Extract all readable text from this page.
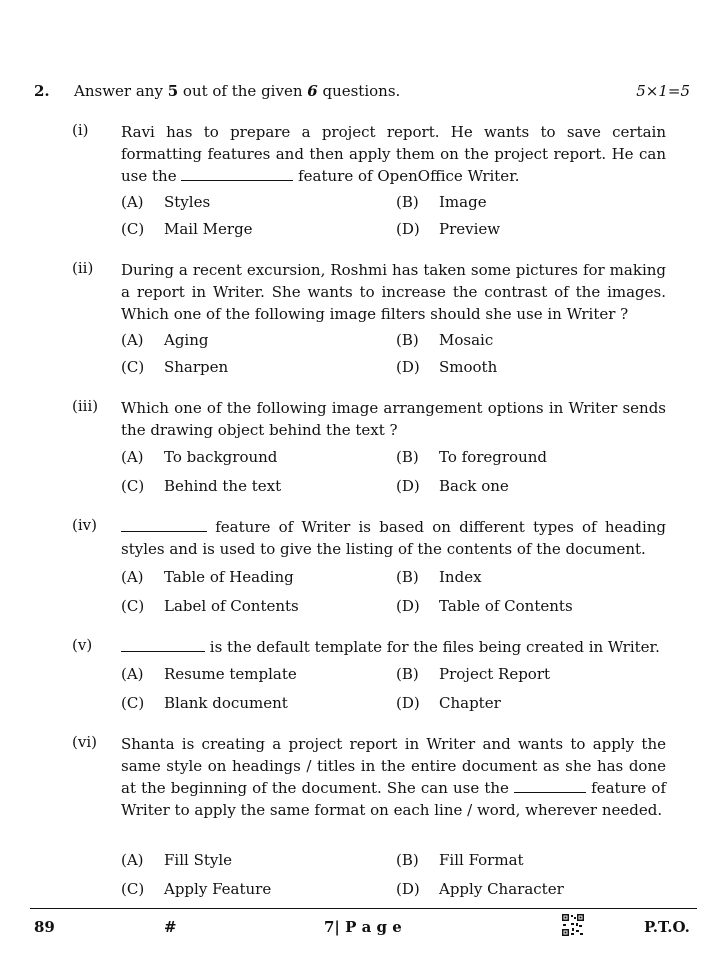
2. Answer any 5 out of the given 6 questions.	5×1=5
(i) Ravi has to prepare a project report. He wants to save certain formatting features and then apply them on the project report. He can use the	feature of OpenOffice Writer.
(A) Styles	(B) Image
(C) Mail Merge	(D) Preview
(ii) During a recent excursion, Roshmi has taken some pictures for making a report in Writer. She wants to increase the contrast of the images. Which one of the following image filters should she use in Writer ?
(A) Aging	(B) Mosaic
(C) Sharpen	(D) Smooth
(iii) Which one of the following image arrangement options in Writer sends the drawing object behind the text ?
(A) To background	(B) To foreground
(C) Behind the text	(D) Back one
(iv)	feature of Writer is based on different types of heading styles and is used to give the listing of the contents of the document.
(A) Table of Heading	(B) Index
(C) Label of Contents	(D) Table of Contents
(v)	is the default template for the files being created in Writer.
(A) Resume template	(B) Project Report
(C) Blank document	(D) Chapter
(vi) Shanta is creating a project report in Writer and wants to apply the same style on headings / titles in the entire document as she has done at the beginning of the document. She can use the	feature of Writer to apply the same format on each line / word, wherever needed.
(A) Fill Style	(B) Fill Format
(C) Apply Feature	(D) Apply Character
89	#	7| P a g e	P.T.O.
